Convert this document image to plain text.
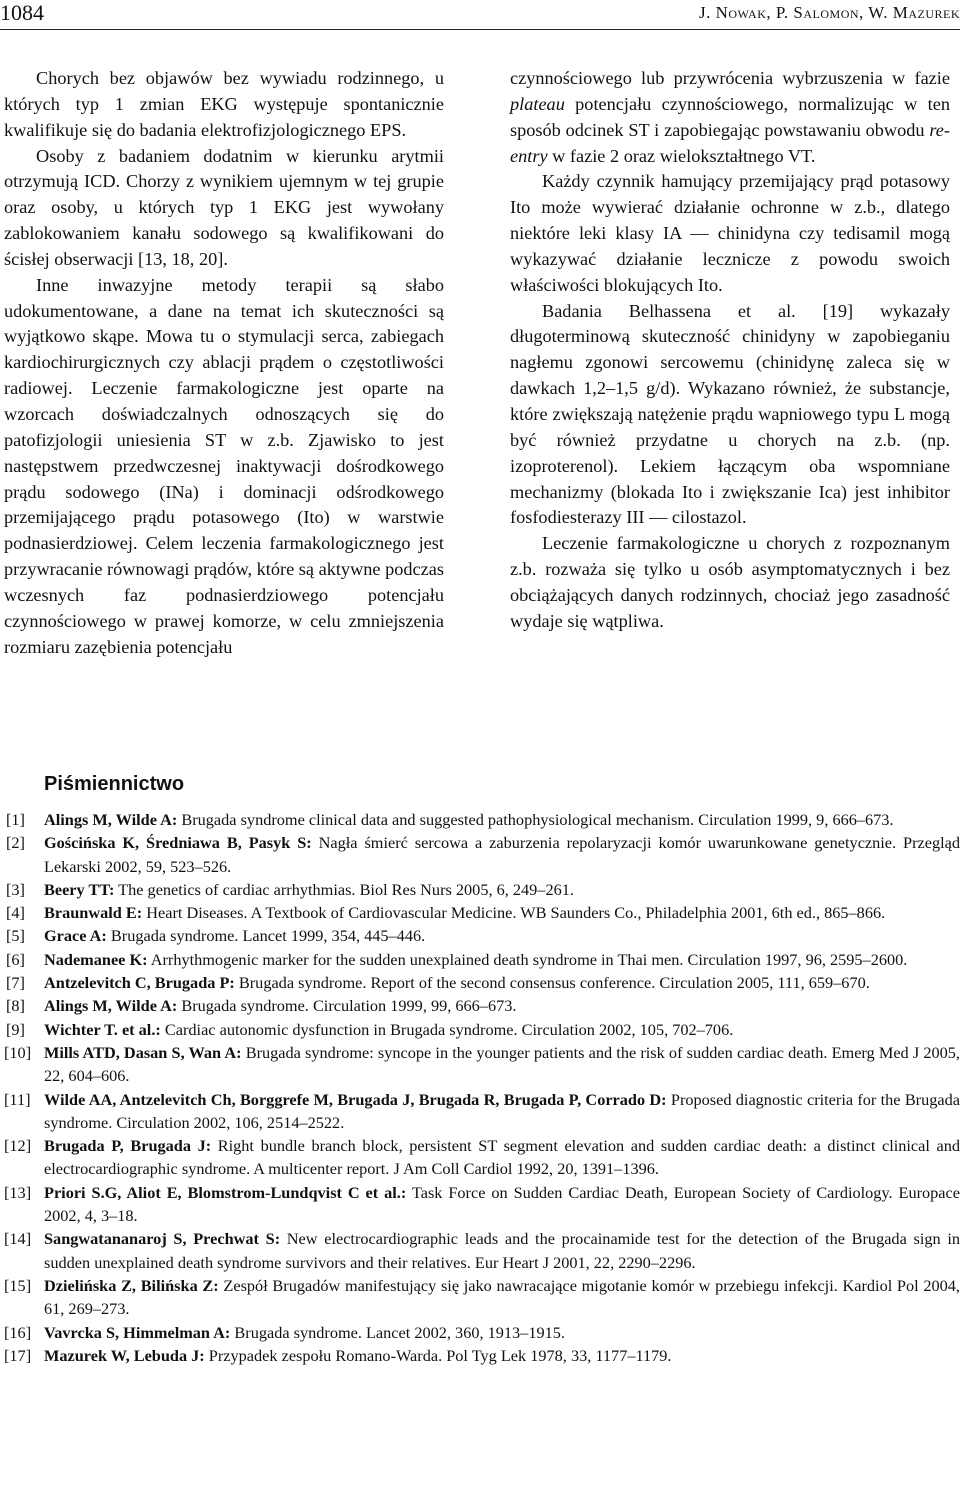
1084	J. Nowak, P. Salomon, W. Mazurek

Chorych bez objawów bez wywiadu rodzinnego, u których typ 1 zmian EKG występuje spontanicznie kwalifikuje się do badania elektrofizjologicznego EPS.

Osoby z badaniem dodatnim w kierunku arytmii otrzymują ICD. Chorzy z wynikiem ujemnym w tej grupie oraz osoby, u których typ 1 EKG jest wywołany zablokowaniem kanału sodowego są kwalifikowani do ścisłej obserwacji [13, 18, 20].

Inne inwazyjne metody terapii są słabo udokumentowane, a dane na temat ich skuteczności są wyjątkowo skąpe. Mowa tu o stymulacji serca, zabiegach kardiochirurgicznych czy ablacji prądem o częstotliwości radiowej. Leczenie farmakologiczne jest oparte na wzorcach doświadczalnych odnoszących się do patofizjologii uniesienia ST w z.b. Zjawisko to jest następstwem przedwczesnej inaktywacji dośrodkowego prądu sodowego (INa) i dominacji odśrodkowego przemijającego prądu potasowego (Ito) w warstwie podnasierdziowej. Celem leczenia farmakologicznego jest przywracanie równowagi prądów, które są aktywne podczas wczesnych faz podnasierdziowego potencjału czynnościowego w prawej komorze, w celu zmniejszenia rozmiaru zazębienia potencjału

czynnościowego lub przywrócenia wybrzuszenia w fazie plateau potencjału czynnościowego, normalizując w ten sposób odcinek ST i zapobiegając powstawaniu obwodu re-entry w fazie 2 oraz wielokształtnego VT.

Każdy czynnik hamujący przemijający prąd potasowy Ito może wywierać działanie ochronne w z.b., dlatego niektóre leki klasy IA — chinidyna czy tedisamil mogą wykazywać działanie lecznicze z powodu swoich właściwości blokujących Ito.

Badania Belhassena et al. [19] wykazały długoterminową skuteczność chinidyny w zapobieganiu nagłemu zgonowi sercowemu (chinidynę zaleca się w dawkach 1,2–1,5 g/d). Wykazano również, że substancje, które zwiększają natężenie prądu wapniowego typu L mogą być również przydatne u chorych na z.b. (np. izoproterenol). Lekiem łączącym oba wspomniane mechanizmy (blokada Ito i zwiększanie Ica) jest inhibitor fosfodiesterazy III — cilostazol.

Leczenie farmakologiczne u chorych z rozpoznanym z.b. rozważa się tylko u osób asymptomatycznych i bez obciążających danych rodzinnych, chociaż jego zasadność wydaje się wątpliwa.

Piśmiennictwo

[1] Alings M, Wilde A: Brugada syndrome clinical data and suggested pathophysiological mechanism. Circulation 1999, 9, 666–673.

[2] Gościńska K, Średniawa B, Pasyk S: Nagła śmierć sercowa a zaburzenia repolaryzacji komór uwarunkowane genetycznie. Przegląd Lekarski 2002, 59, 523–526.

[3] Beery TT: The genetics of cardiac arrhythmias. Biol Res Nurs 2005, 6, 249–261.

[4] Braunwald E: Heart Diseases. A Textbook of Cardiovascular Medicine. WB Saunders Co., Philadelphia 2001, 6th ed., 865–866.

[5] Grace A: Brugada syndrome. Lancet 1999, 354, 445–446.

[6] Nademanee K: Arrhythmogenic marker for the sudden unexplained death syndrome in Thai men. Circulation 1997, 96, 2595–2600.

[7] Antzelevitch C, Brugada P: Brugada syndrome. Report of the second consensus conference. Circulation 2005, 111, 659–670.

[8] Alings M, Wilde A: Brugada syndrome. Circulation 1999, 99, 666–673.

[9] Wichter T. et al.: Cardiac autonomic dysfunction in Brugada syndrome. Circulation 2002, 105, 702–706.

[10] Mills ATD, Dasan S, Wan A: Brugada syndrome: syncope in the younger patients and the risk of sudden cardiac death. Emerg Med J 2005, 22, 604–606.

[11] Wilde AA, Antzelevitch Ch, Borggrefe M, Brugada J, Brugada R, Brugada P, Corrado D: Proposed diagnostic criteria for the Brugada syndrome. Circulation 2002, 106, 2514–2522.

[12] Brugada P, Brugada J: Right bundle branch block, persistent ST segment elevation and sudden cardiac death: a distinct clinical and electrocardiographic syndrome. A multicenter report. J Am Coll Cardiol 1992, 20, 1391–1396.

[13] Priori S.G, Aliot E, Blomstrom-Lundqvist C et al.: Task Force on Sudden Cardiac Death, European Society of Cardiology. Europace 2002, 4, 3–18.

[14] Sangwatananaroj S, Prechwat S: New electrocardiographic leads and the procainamide test for the detection of the Brugada sign in sudden unexplained death syndrome survivors and their relatives. Eur Heart J 2001, 22, 2290–2296.

[15] Dzielińska Z, Bilińska Z: Zespół Brugadów manifestujący się jako nawracające migotanie komór w przebiegu infekcji. Kardiol Pol 2004, 61, 269–273.

[16] Vavrcka S, Himmelman A: Brugada syndrome. Lancet 2002, 360, 1913–1915.

[17] Mazurek W, Lebuda J: Przypadek zespołu Romano-Warda. Pol Tyg Lek 1978, 33, 1177–1179.
